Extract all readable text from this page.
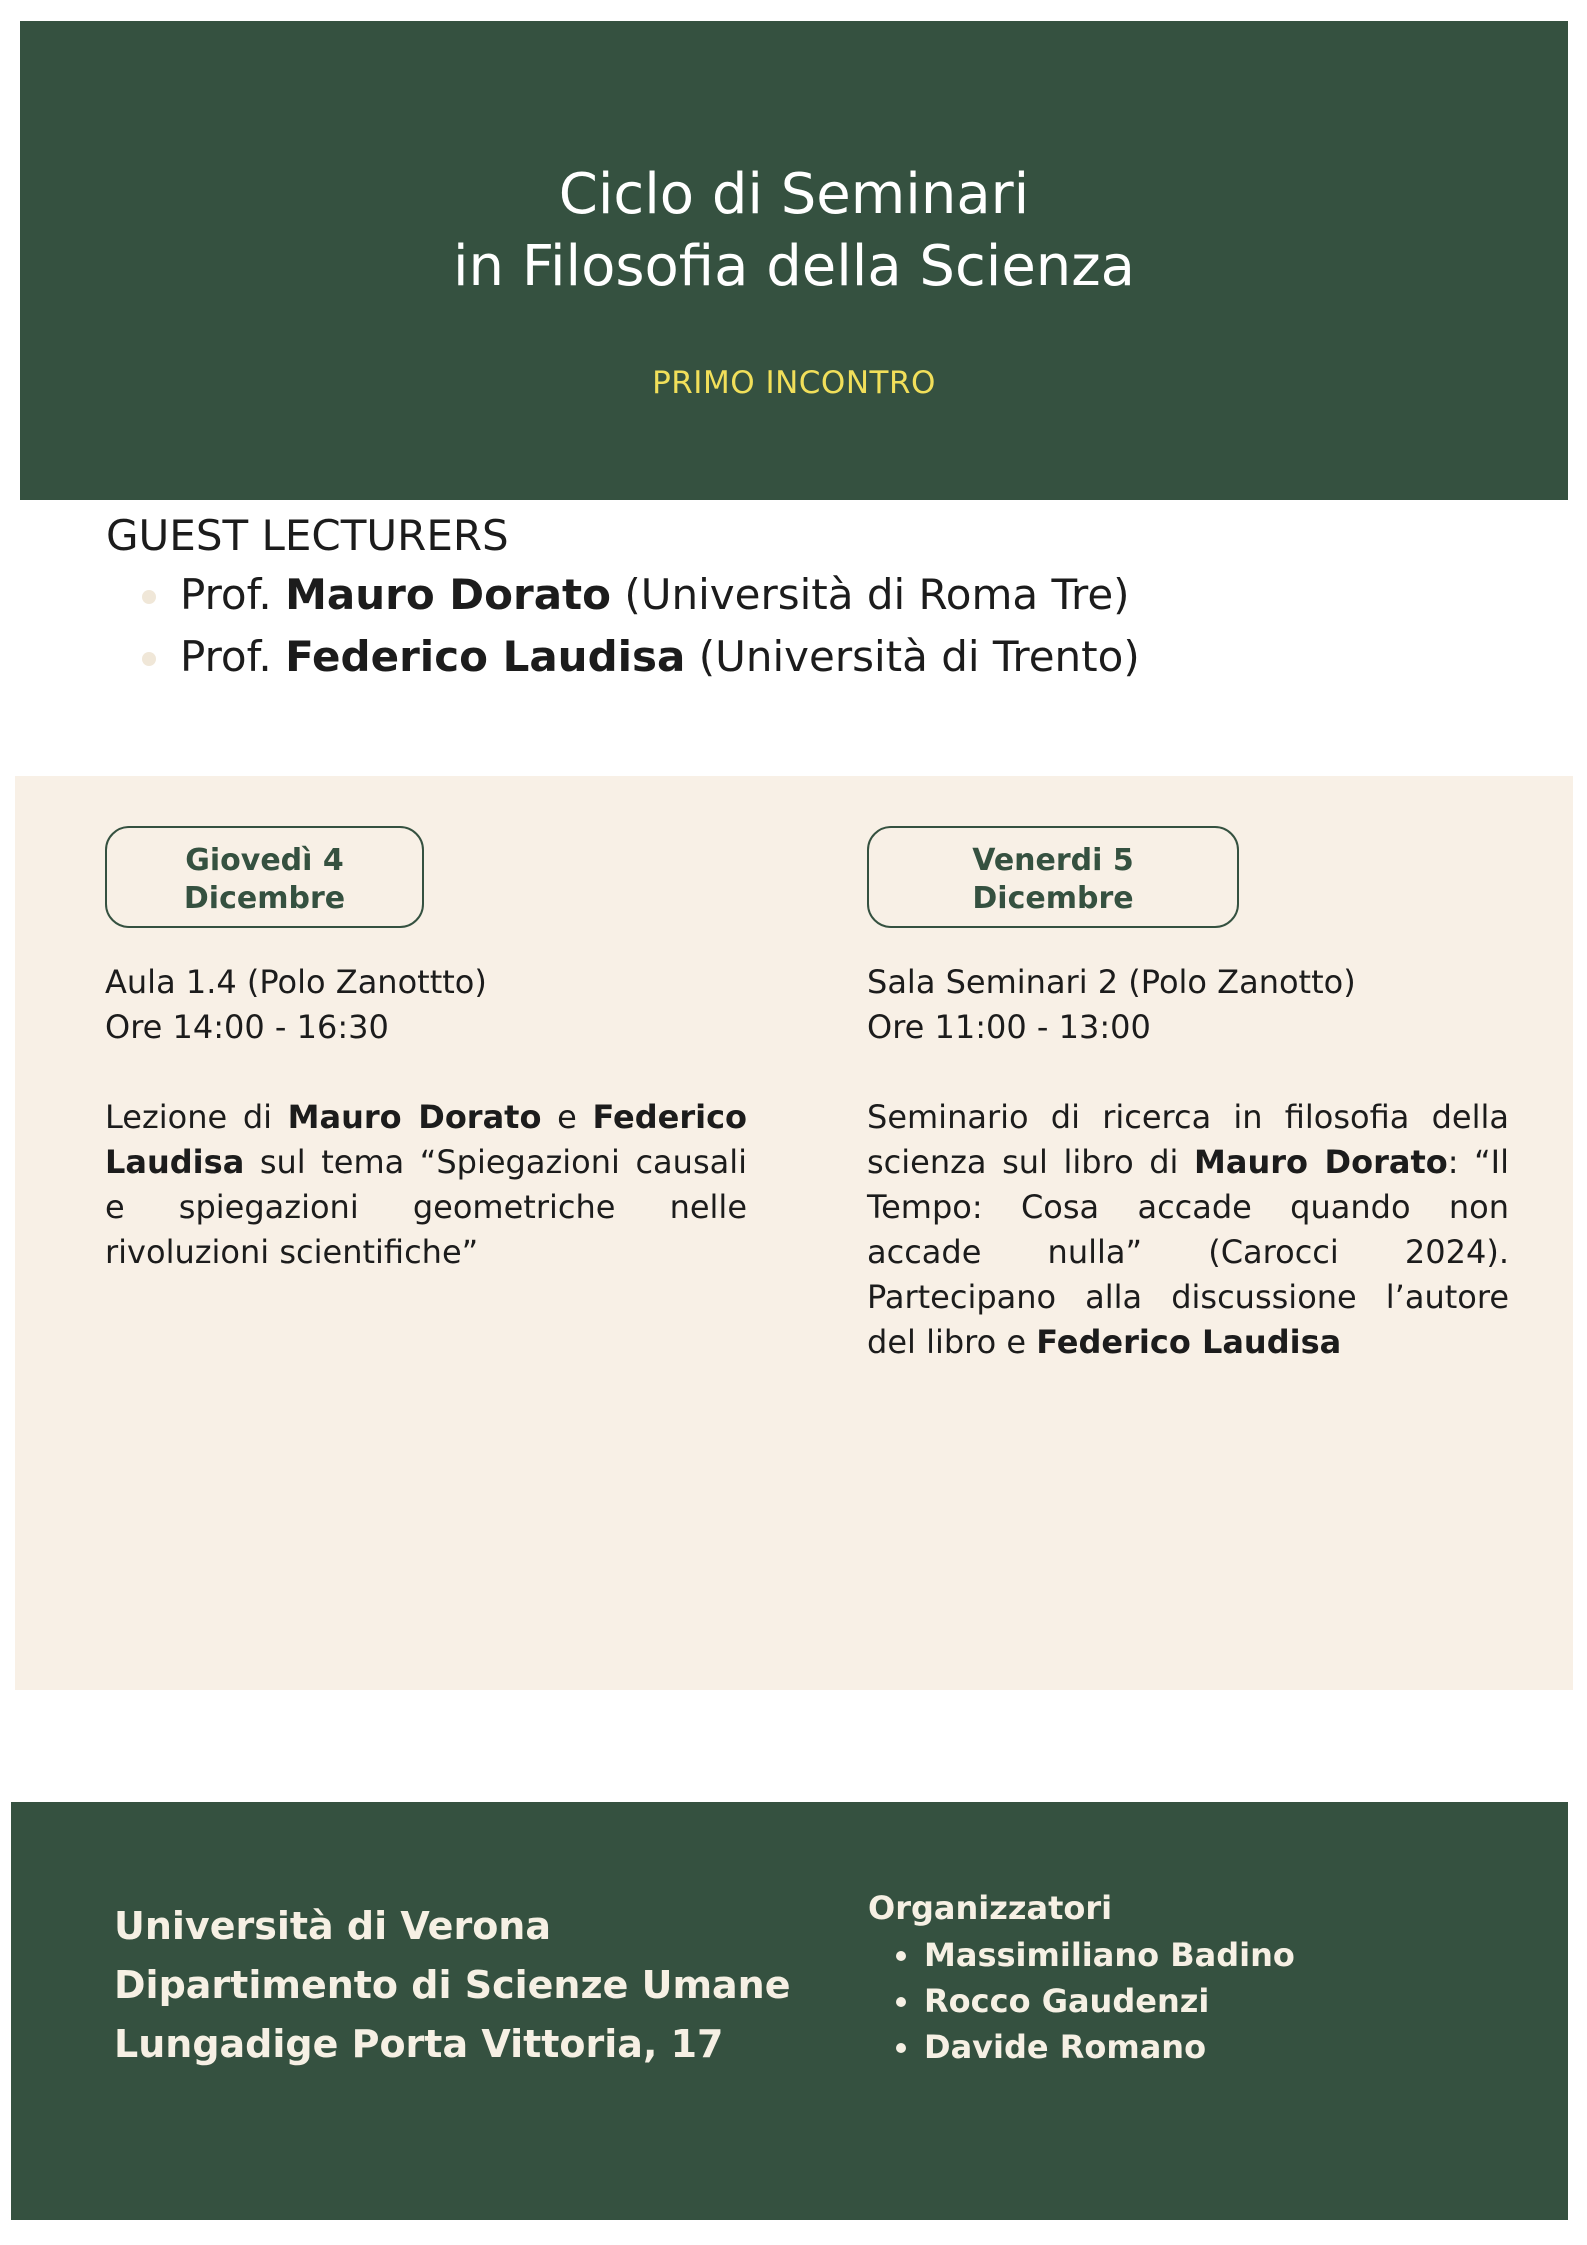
Ciclo di Seminari
in Filosofia della Scienza
PRIMO INCONTRO
GUEST LECTURERS
Prof. Mauro Dorato (Università di Roma Tre)
Prof. Federico Laudisa (Università di Trento)
Giovedì 4
Dicembre
Aula 1.4 (Polo Zanottto)
Ore 14:00 - 16:30
Lezione di Mauro Dorato e Federico Laudisa sul tema “Spiegazioni causali e spiegazioni geometriche nelle rivoluzioni scientifiche”
Venerdi 5
Dicembre
Sala Seminari 2 (Polo Zanotto)
Ore 11:00 - 13:00
Seminario di ricerca in filosofia della scienza sul libro di Mauro Dorato: “Il Tempo: Cosa accade quando non accade nulla” (Carocci 2024). Partecipano alla discussione l’autore del libro e Federico Laudisa
Università di Verona
Dipartimento di Scienze Umane
Lungadige Porta Vittoria, 17
Organizzatori
Massimiliano Badino
Rocco Gaudenzi
Davide Romano
